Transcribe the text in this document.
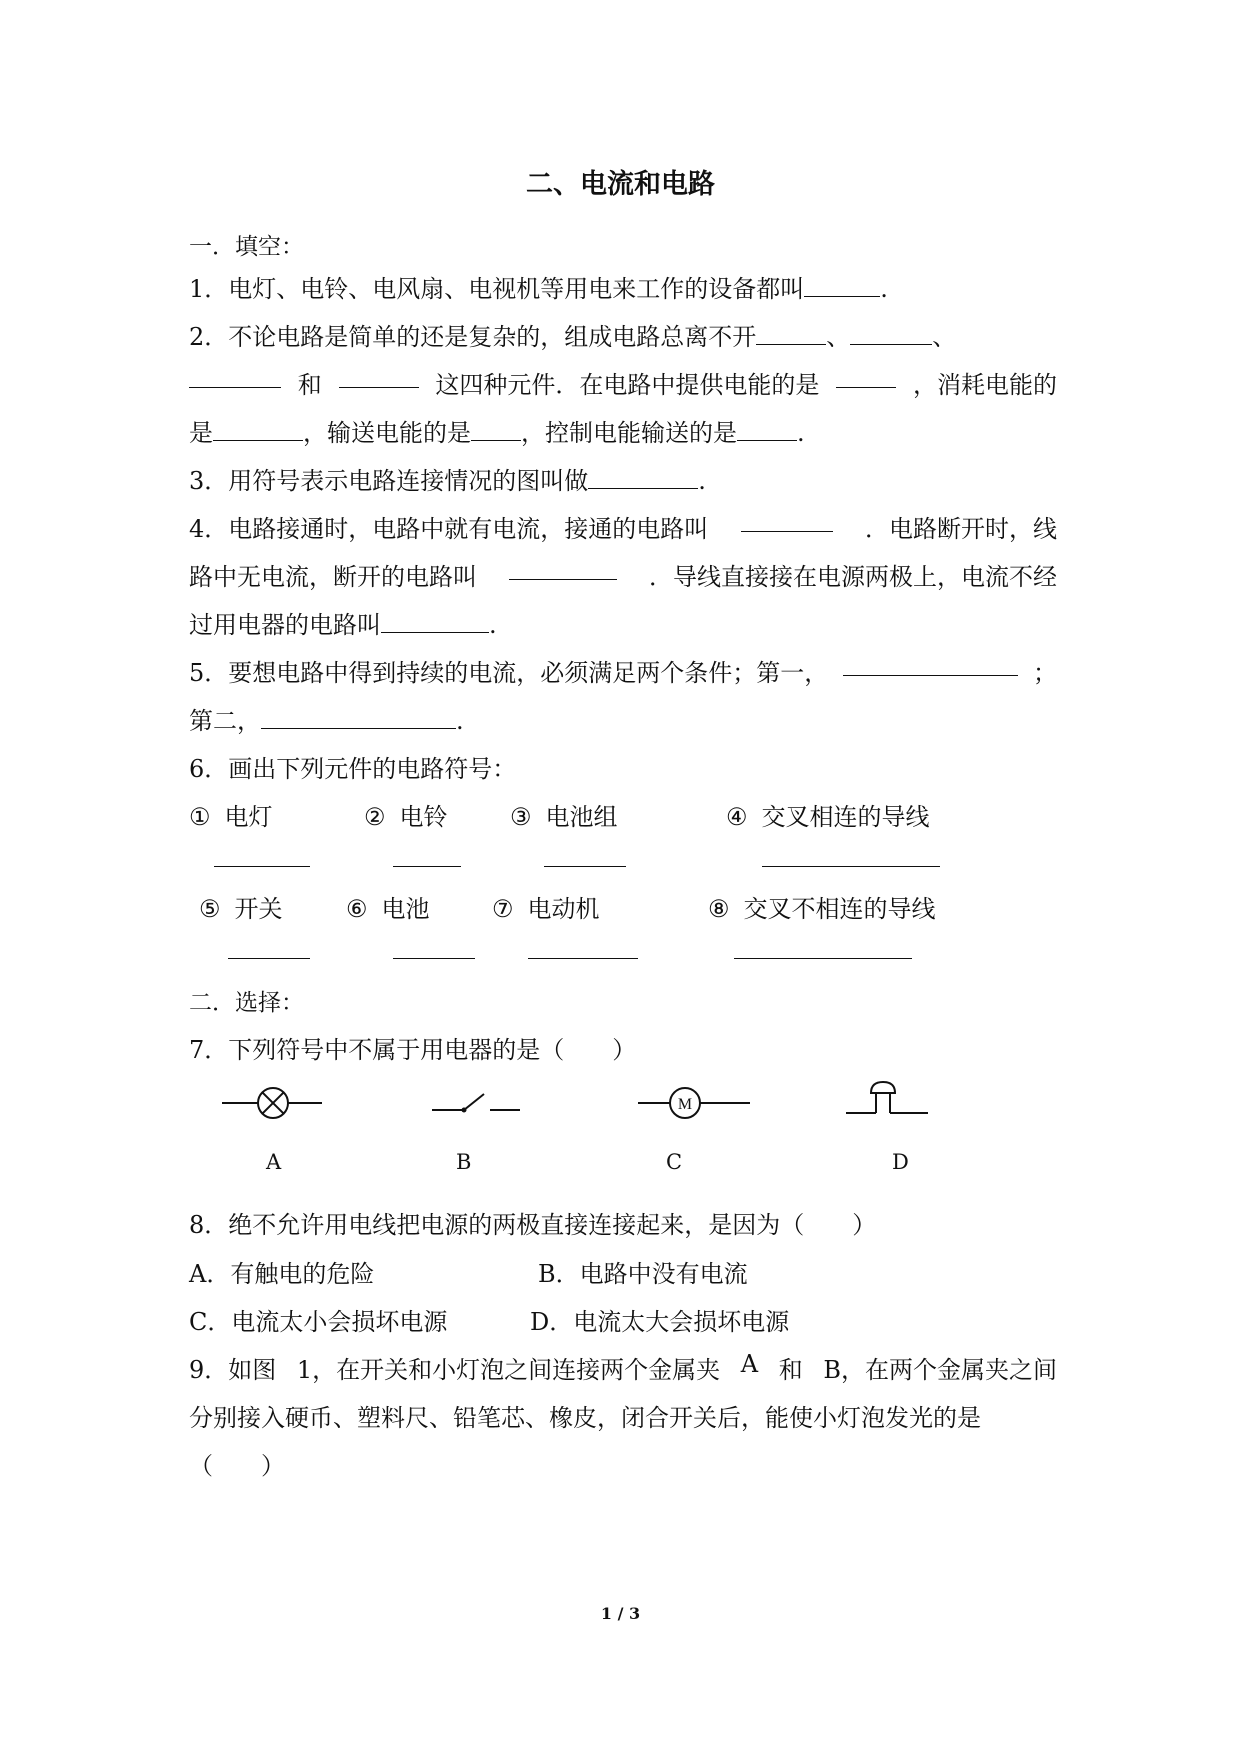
二、电流和电路
一．填空：
1．电灯、电铃、电风扇、电视机等用电来工作的设备都叫	.
2．不论电路是简单的还是复杂的，组成电路总离不开	、	、
和	这四种元件．在电路中提供电能的是	，消耗电能的
是	，输送电能的是 ，控制电能输送的是	.
3．用符号表示电路连接情况的图叫做	.
4．电路接通时，电路中就有电流，接通的电路叫	．电路断开时，线
路中无电流，断开的电路叫	．导线直接接在电源两极上，电流不经
过用电器的电路叫	.
5．要想电路中得到持续的电流，必须满足两个条件；第一，	；
第二，	.
6．画出下列元件的电路符号：
① 电灯	② 电铃	③ 电池组	④ 交叉相连的导线
⑤ 开关	⑥ 电池	⑦ 电动机	⑧ 交叉不相连的导线
二．选择：
7．下列符号中不属于用电器的是（　　）
M
A	B	C	D
8．绝不允许用电线把电源的两极直接连接起来，是因为（　　）
A．有触电的危险	B．电路中没有电流
C．电流太小会损坏电源	D．电流太大会损坏电源
9．如图 1，在开关和小灯泡之间连接两个金属夹 A 和 B，在两个金属夹之间
分别接入硬币、塑料尺、铅笔芯、橡皮，闭合开关后，能使小灯泡发光的是
（　　）
1 / 3
